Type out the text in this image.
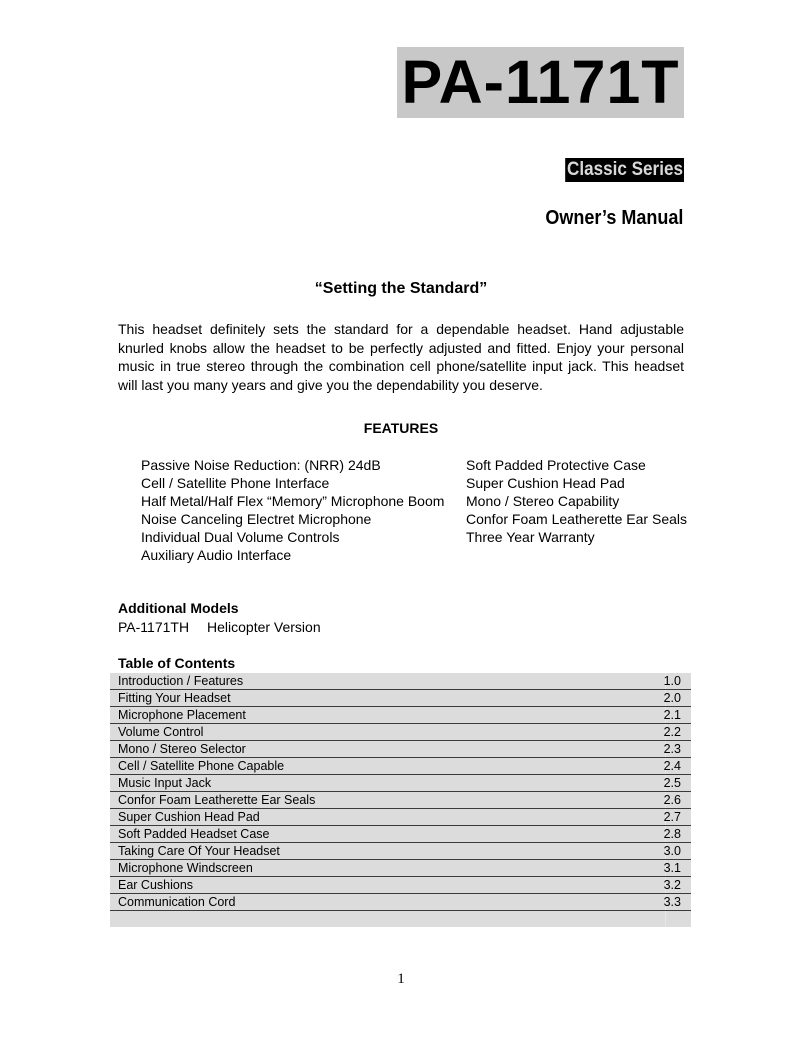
PA-1171T
Classic Series
Owner’s Manual
“Setting the Standard”
This headset definitely sets the standard for a dependable headset. Hand adjustable knurled knobs allow the headset to be perfectly adjusted and fitted. Enjoy your personal music in true stereo through the combination cell phone/satellite input jack. This headset will last you many years and give you the dependability you deserve.
FEATURES
Passive Noise Reduction: (NRR) 24dB
Cell / Satellite Phone Interface
Half Metal/Half Flex “Memory” Microphone Boom
Noise Canceling Electret Microphone
Individual Dual Volume Controls
Auxiliary Audio Interface
Soft Padded Protective Case
Super Cushion Head Pad
Mono / Stereo Capability
Confor Foam Leatherette Ear Seals
Three Year Warranty
Additional Models
PA-1171TH Helicopter Version
Table of Contents
Introduction / Features	1.0
Fitting Your Headset	2.0
Microphone Placement	2.1
Volume Control	2.2
Mono / Stereo Selector	2.3
Cell / Satellite Phone Capable	2.4
Music Input Jack	2.5
Confor Foam Leatherette Ear Seals	2.6
Super Cushion Head Pad	2.7
Soft Padded Headset Case	2.8
Taking Care Of Your Headset	3.0
Microphone Windscreen	3.1
Ear Cushions	3.2
Communication Cord	3.3
1
